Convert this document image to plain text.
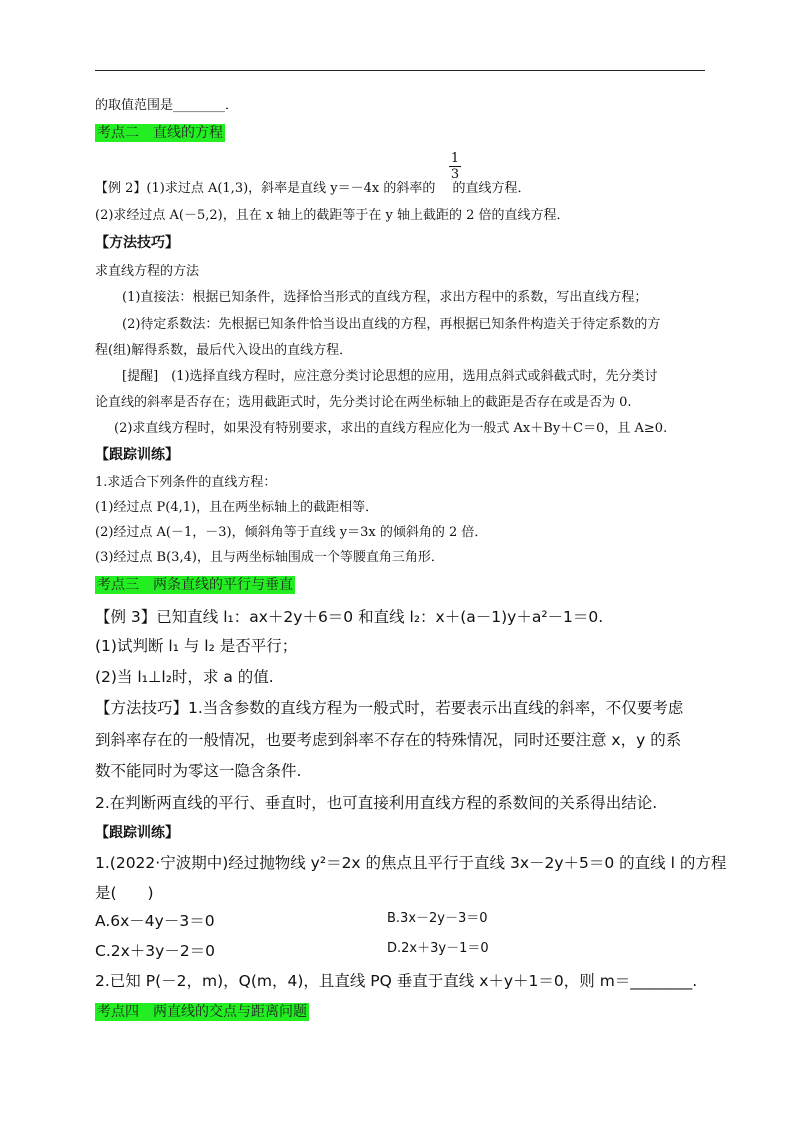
的取值范围是________．
考点二　直线的方程
$\frac{1}{3}$
【例 2】(1)求过点 A(1,3)，斜率是直线 y＝－4x 的斜率的　 的直线方程．
(2)求经过点 A(－5,2)，且在 x 轴上的截距等于在 y 轴上截距的 2 倍的直线方程．
【方法技巧】
求直线方程的方法
(1)直接法：根据已知条件，选择恰当形式的直线方程，求出方程中的系数，写出直线方程；
(2)待定系数法：先根据已知条件恰当设出直线的方程，再根据已知条件构造关于待定系数的方
程(组)解得系数，最后代入设出的直线方程．
[提醒]　(1)选择直线方程时，应注意分类讨论思想的应用，选用点斜式或斜截式时，先分类讨
论直线的斜率是否存在；选用截距式时，先分类讨论在两坐标轴上的截距是否存在或是否为 0.
(2)求直线方程时，如果没有特别要求，求出的直线方程应化为一般式 Ax＋By＋C＝0，且 A≥0.
【跟踪训练】
1.求适合下列条件的直线方程：
(1)经过点 P(4,1)，且在两坐标轴上的截距相等．
(2)经过点 A(－1，－3)，倾斜角等于直线 y＝3x 的倾斜角的 2 倍．
(3)经过点 B(3,4)，且与两坐标轴围成一个等腰直角三角形．
考点三　两条直线的平行与垂直
【例 3】已知直线 l₁：ax＋2y＋6＝0 和直线 l₂：x＋(a－1)y＋a²－1＝0.
(1)试判断 l₁ 与 l₂ 是否平行；
(2)当 l₁⊥l₂时，求 a 的值.
【方法技巧】1.当含参数的直线方程为一般式时，若要表示出直线的斜率，不仅要考虑
到斜率存在的一般情况，也要考虑到斜率不存在的特殊情况，同时还要注意 x，y 的系
数不能同时为零这一隐含条件.
2.在判断两直线的平行、垂直时，也可直接利用直线方程的系数间的关系得出结论.
【跟踪训练】
1.(2022·宁波期中)经过抛物线 y²＝2x 的焦点且平行于直线 3x－2y＋5＝0 的直线 l 的方程
是(　　)
A.6x－4y－3＝0	B.3x－2y－3＝0
C.2x＋3y－2＝0	D.2x＋3y－1＝0
2.已知 P(－2，m)，Q(m，4)，且直线 PQ 垂直于直线 x＋y＋1＝0，则 m＝________.
考点四　两直线的交点与距离问题
